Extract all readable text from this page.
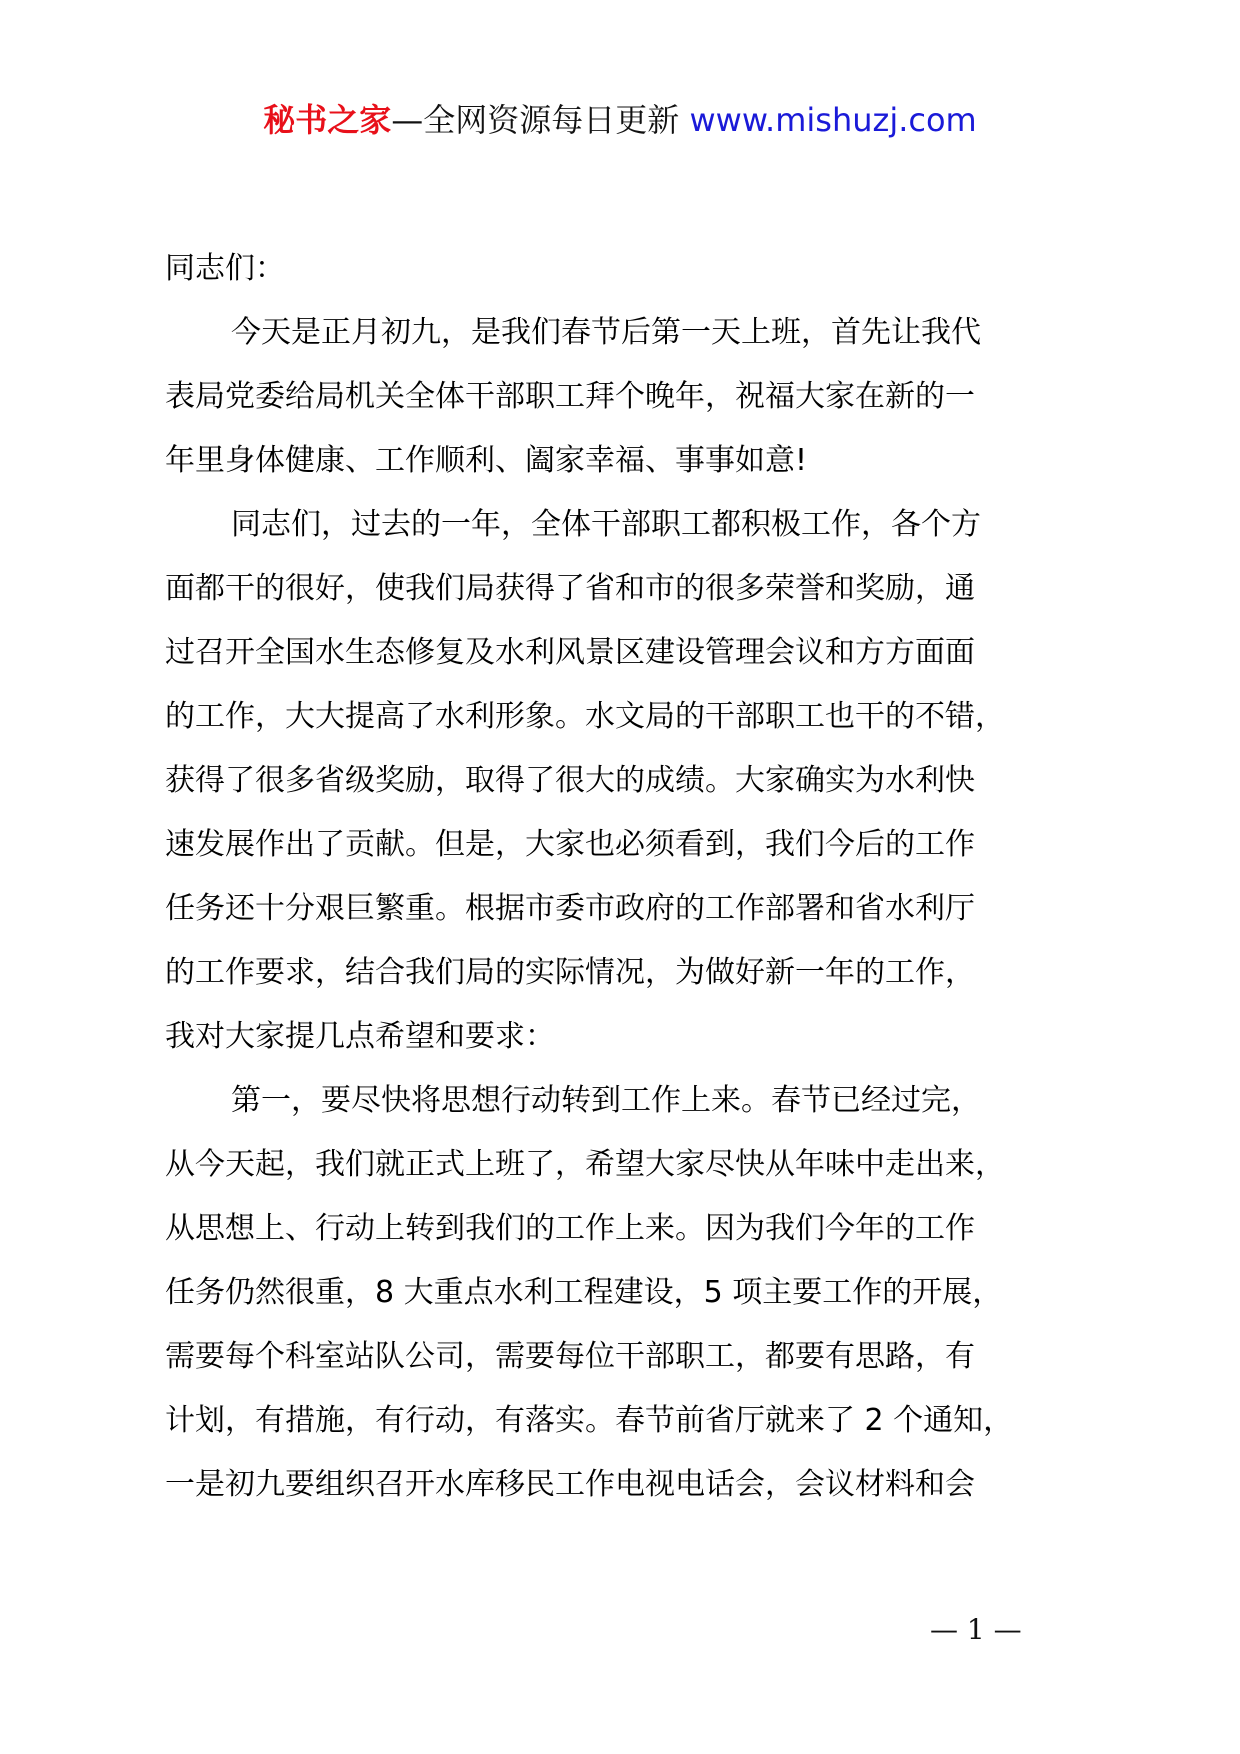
秘书之家—全网资源每日更新 www.mishuzj.com

同志们：

今天是正月初九，是我们春节后第一天上班，首先让我代
表局党委给局机关全体干部职工拜个晚年，祝福大家在新的一
年里身体健康、工作顺利、阖家幸福、事事如意!
同志们，过去的一年，全体干部职工都积极工作，各个方
面都干的很好，使我们局获得了省和市的很多荣誉和奖励，通
过召开全国水生态修复及水利风景区建设管理会议和方方面面
的工作，大大提高了水利形象。水文局的干部职工也干的不错，
获得了很多省级奖励，取得了很大的成绩。大家确实为水利快
速发展作出了贡献。但是，大家也必须看到，我们今后的工作
任务还十分艰巨繁重。根据市委市政府的工作部署和省水利厅
的工作要求，结合我们局的实际情况，为做好新一年的工作，
我对大家提几点希望和要求：
第一，要尽快将思想行动转到工作上来。春节已经过完，
从今天起，我们就正式上班了，希望大家尽快从年味中走出来，
从思想上、行动上转到我们的工作上来。因为我们今年的工作
任务仍然很重，8 大重点水利工程建设，5 项主要工作的开展，
需要每个科室站队公司，需要每位干部职工，都要有思路，有
计划，有措施，有行动，有落实。春节前省厅就来了 2 个通知，
一是初九要组织召开水库移民工作电视电话会，会议材料和会
— 1 —
